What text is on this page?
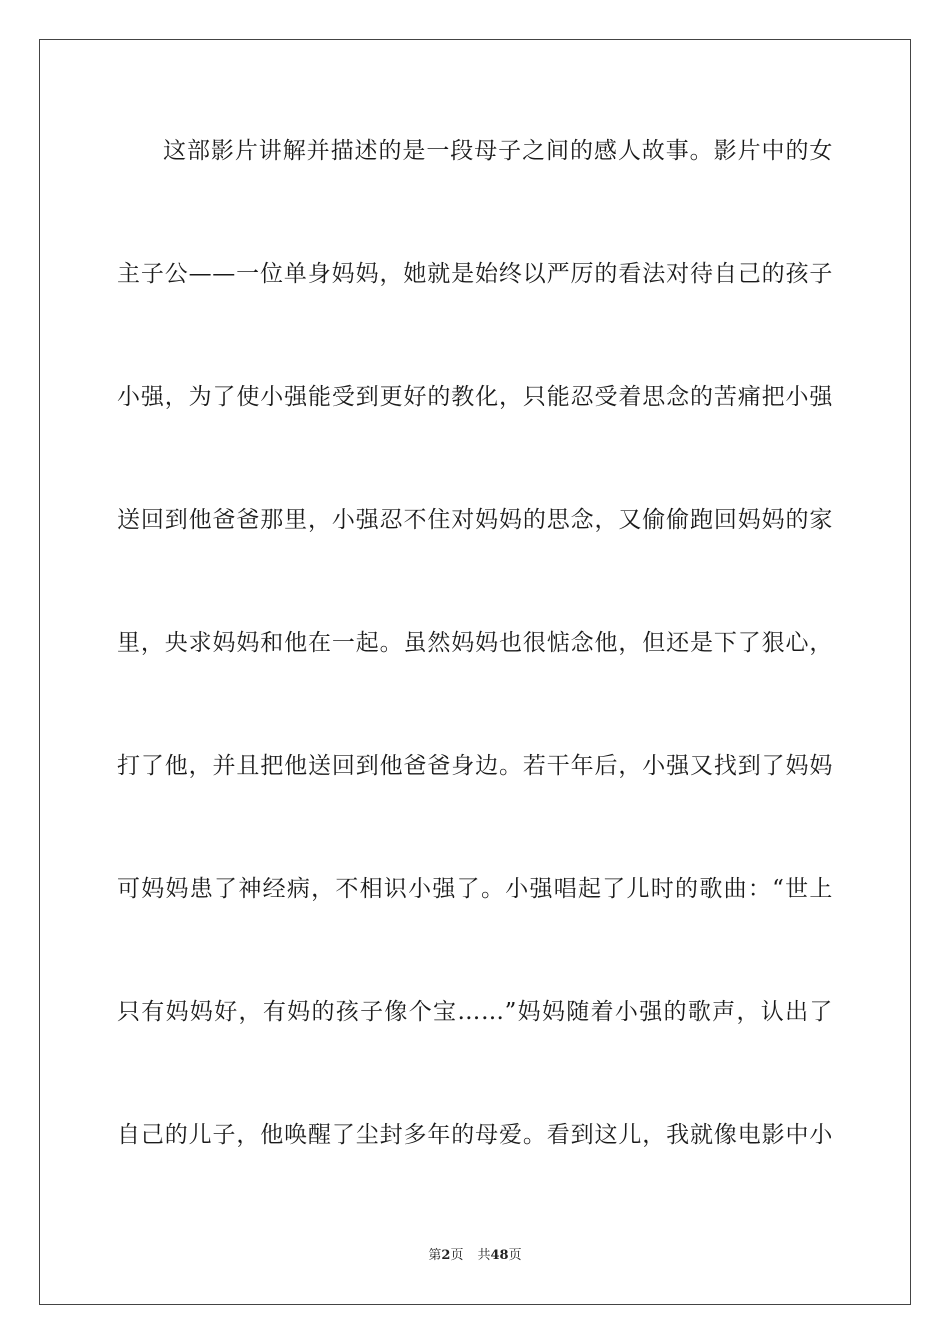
这部影片讲解并描述的是一段母子之间的感人故事。影片中的女
主子公——一位单身妈妈，她就是始终以严厉的看法对待自己的孩子
小强，为了使小强能受到更好的教化，只能忍受着思念的苦痛把小强
送回到他爸爸那里，小强忍不住对妈妈的思念，又偷偷跑回妈妈的家
里，央求妈妈和他在一起。虽然妈妈也很惦念他，但还是下了狠心，
打了他，并且把他送回到他爸爸身边。若干年后，小强又找到了妈妈
可妈妈患了神经病，不相识小强了。小强唱起了儿时的歌曲：“世上
只有妈妈好，有妈的孩子像个宝……”妈妈随着小强的歌声，认出了
自己的儿子，他唤醒了尘封多年的母爱。看到这儿，我就像电影中小
第2页 共48页
